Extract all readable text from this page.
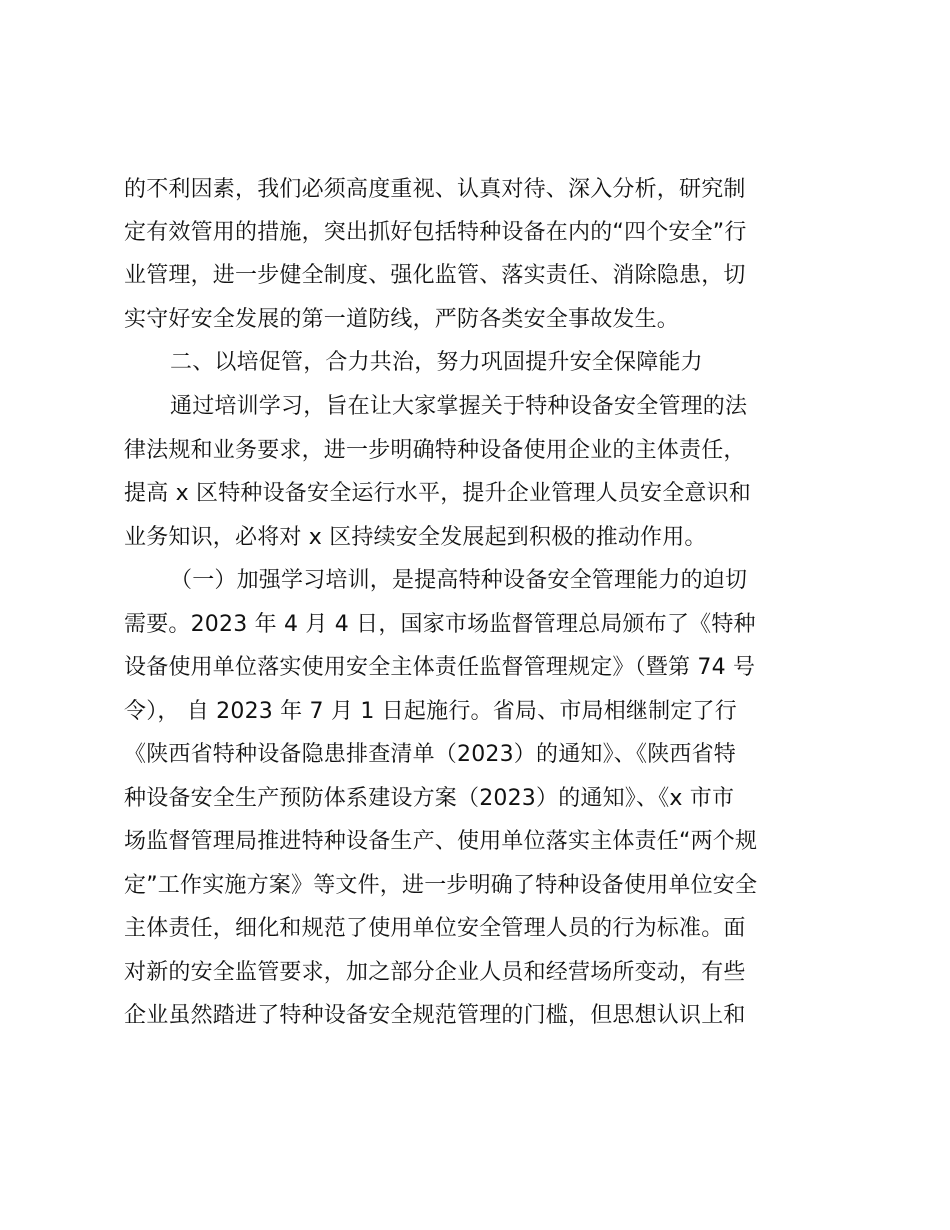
的不利因素，我们必须高度重视、认真对待、深入分析，研究制
定有效管用的措施，突出抓好包括特种设备在内的“四个安全”行
业管理，进一步健全制度、强化监管、落实责任、消除隐患，切
实守好安全发展的第一道防线，严防各类安全事故发生。
二、以培促管，合力共治，努力巩固提升安全保障能力
通过培训学习，旨在让大家掌握关于特种设备安全管理的法
律法规和业务要求，进一步明确特种设备使用企业的主体责任，
提高 x 区特种设备安全运行水平，提升企业管理人员安全意识和
业务知识，必将对 x 区持续安全发展起到积极的推动作用。
（一）加强学习培训，是提高特种设备安全管理能力的迫切
需要。2023 年 4 月 4 日，国家市场监督管理总局颁布了《特种
设备使用单位落实使用安全主体责任监督管理规定》（暨第 74 号
令）， 自 2023 年 7 月 1 日起施行。省局、市局相继制定了行
《陕西省特种设备隐患排查清单（2023）的通知》、《陕西省特
种设备安全生产预防体系建设方案（2023）的通知》、《x 市市
场监督管理局推进特种设备生产、使用单位落实主体责任“两个规
定”工作实施方案》等文件，进一步明确了特种设备使用单位安全
主体责任，细化和规范了使用单位安全管理人员的行为标准。面
对新的安全监管要求，加之部分企业人员和经营场所变动，有些
企业虽然踏进了特种设备安全规范管理的门槛，但思想认识上和
